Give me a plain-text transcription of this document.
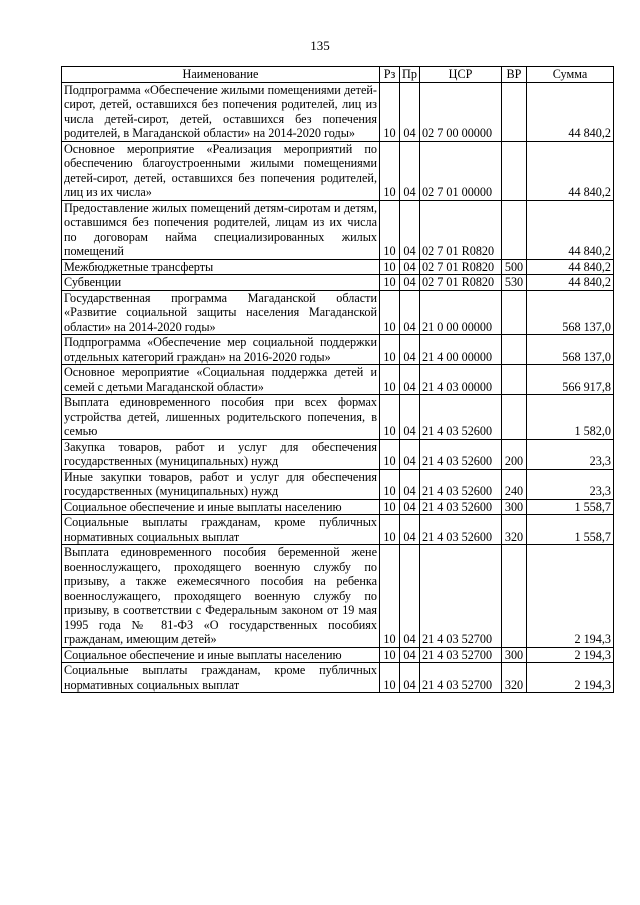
135
Наименование	Рз	Пр	ЦСР	ВР	Сумма

Подпрограмма «Обеспечение жилыми помещениями детей-сирот, детей, оставшихся без попечения родителей, лиц из числа детей-сирот, детей, оставшихся без попечения родителей, в Магаданской области» на 2014-2020 годы»	10	04	02 7 00 00000		44 840,2

Основное мероприятие «Реализация мероприятий по обеспечению благоустроенными жилыми помещениями детей-сирот, детей, оставшихся без попечения родителей, лиц из их числа»	10	04	02 7 01 00000		44 840,2

Предоставление жилых помещений детям-сиротам и детям, оставшимся без попечения родителей, лицам из их числа по договорам найма специализированных жилых помещений	10	04	02 7 01 R0820		44 840,2

Межбюджетные трансферты	10	04	02 7 01 R0820	500	44 840,2

Субвенции	10	04	02 7 01 R0820	530	44 840,2

Государственная программа Магаданской области «Развитие социальной защиты населения Магаданской области» на 2014-2020 годы»	10	04	21 0 00 00000		568 137,0

Подпрограмма «Обеспечение мер социальной поддержки отдельных категорий граждан» на 2016-2020 годы»	10	04	21 4 00 00000		568 137,0

Основное мероприятие «Социальная поддержка детей и семей с детьми Магаданской области»	10	04	21 4 03 00000		566 917,8

Выплата единовременного пособия при всех формах устройства детей, лишенных родительского попечения, в семью	10	04	21 4 03 52600		1 582,0

Закупка товаров, работ и услуг для обеспечения государственных (муниципальных) нужд	10	04	21 4 03 52600	200	23,3

Иные закупки товаров, работ и услуг для обеспечения государственных (муниципальных) нужд	10	04	21 4 03 52600	240	23,3

Социальное обеспечение и иные выплаты населению	10	04	21 4 03 52600	300	1 558,7

Социальные выплаты гражданам, кроме публичных нормативных социальных выплат	10	04	21 4 03 52600	320	1 558,7

Выплата единовременного пособия беременной жене военнослужащего, проходящего военную службу по призыву, а также ежемесячного пособия на ребенка военнослужащего, проходящего военную службу по призыву, в соответствии с Федеральным законом от 19 мая 1995 года № 81-ФЗ «О государственных пособиях гражданам, имеющим детей»	10	04	21 4 03 52700		2 194,3

Социальное обеспечение и иные выплаты населению	10	04	21 4 03 52700	300	2 194,3

Социальные выплаты гражданам, кроме публичных нормативных социальных выплат	10	04	21 4 03 52700	320	2 194,3
